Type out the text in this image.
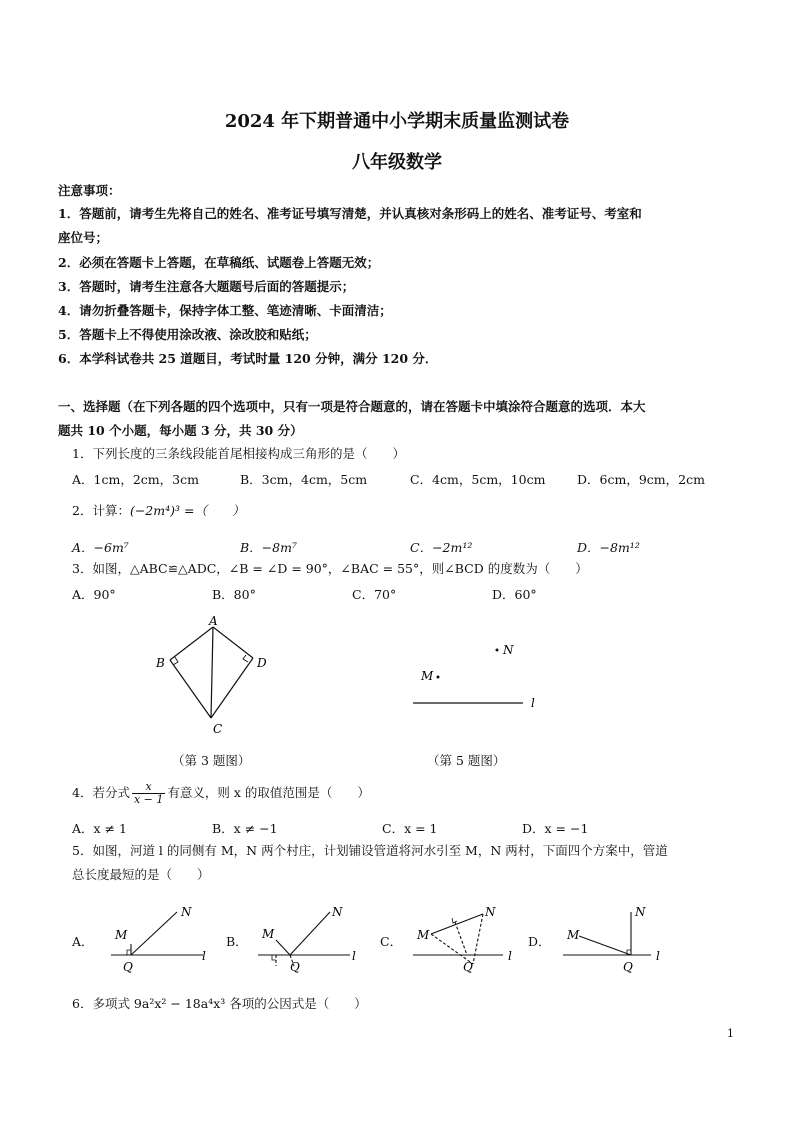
2024 年下期普通中小学期末质量监测试卷
八年级数学
注意事项：
1．答题前，请考生先将自己的姓名、准考证号填写清楚，并认真核对条形码上的姓名、准考证号、考室和
座位号；
2．必须在答题卡上答题，在草稿纸、试题卷上答题无效；
3．答题时，请考生注意各大题题号后面的答题提示；
4．请勿折叠答题卡，保持字体工整、笔迹清晰、卡面清洁；
5．答题卡上不得使用涂改液、涂改胶和贴纸；
6．本学科试卷共 25 道题目，考试时量 120 分钟，满分 120 分．
一、选择题（在下列各题的四个选项中，只有一项是符合题意的，请在答题卡中填涂符合题意的选项．本大
题共 10 个小题，每小题 3 分，共 30 分）
1．下列长度的三条线段能首尾相接构成三角形的是（　　）
A．1cm，2cm，3cm	B．3cm，4cm，5cm	C．4cm，5cm，10cm	D．6cm，9cm，2cm
2．计算：(−2m⁴)³ =（　　）
A．−6m⁷	B．−8m⁷	C．−2m¹²	D．−8m¹²
3．如图，△ABC≌△ADC，∠B = ∠D = 90°，∠BAC = 55°，则∠BCD 的度数为（　　）
A．90°	B．80°	C．70°	D．60°
A
B	D
C
N
M
l
（第 3 题图）	（第 5 题图）
4．若分式 $\frac{x}{x - 1}$ 有意义，则 x 的取值范围是（　　）
A．x ≠ 1	B．x ≠ −1	C．x = 1	D．x = −1
5．如图，河道 l 的同侧有 M，N 两个村庄，计划铺设管道将河水引至 M，N 两村，下面四个方案中，管道
总长度最短的是（　　）
A． M
N
Q
l
B． M
N
Q
l
C． M
N
Q
l
D． M
N
Q
l
6．多项式 9a²x² − 18a⁴x³ 各项的公因式是（　　）
1
